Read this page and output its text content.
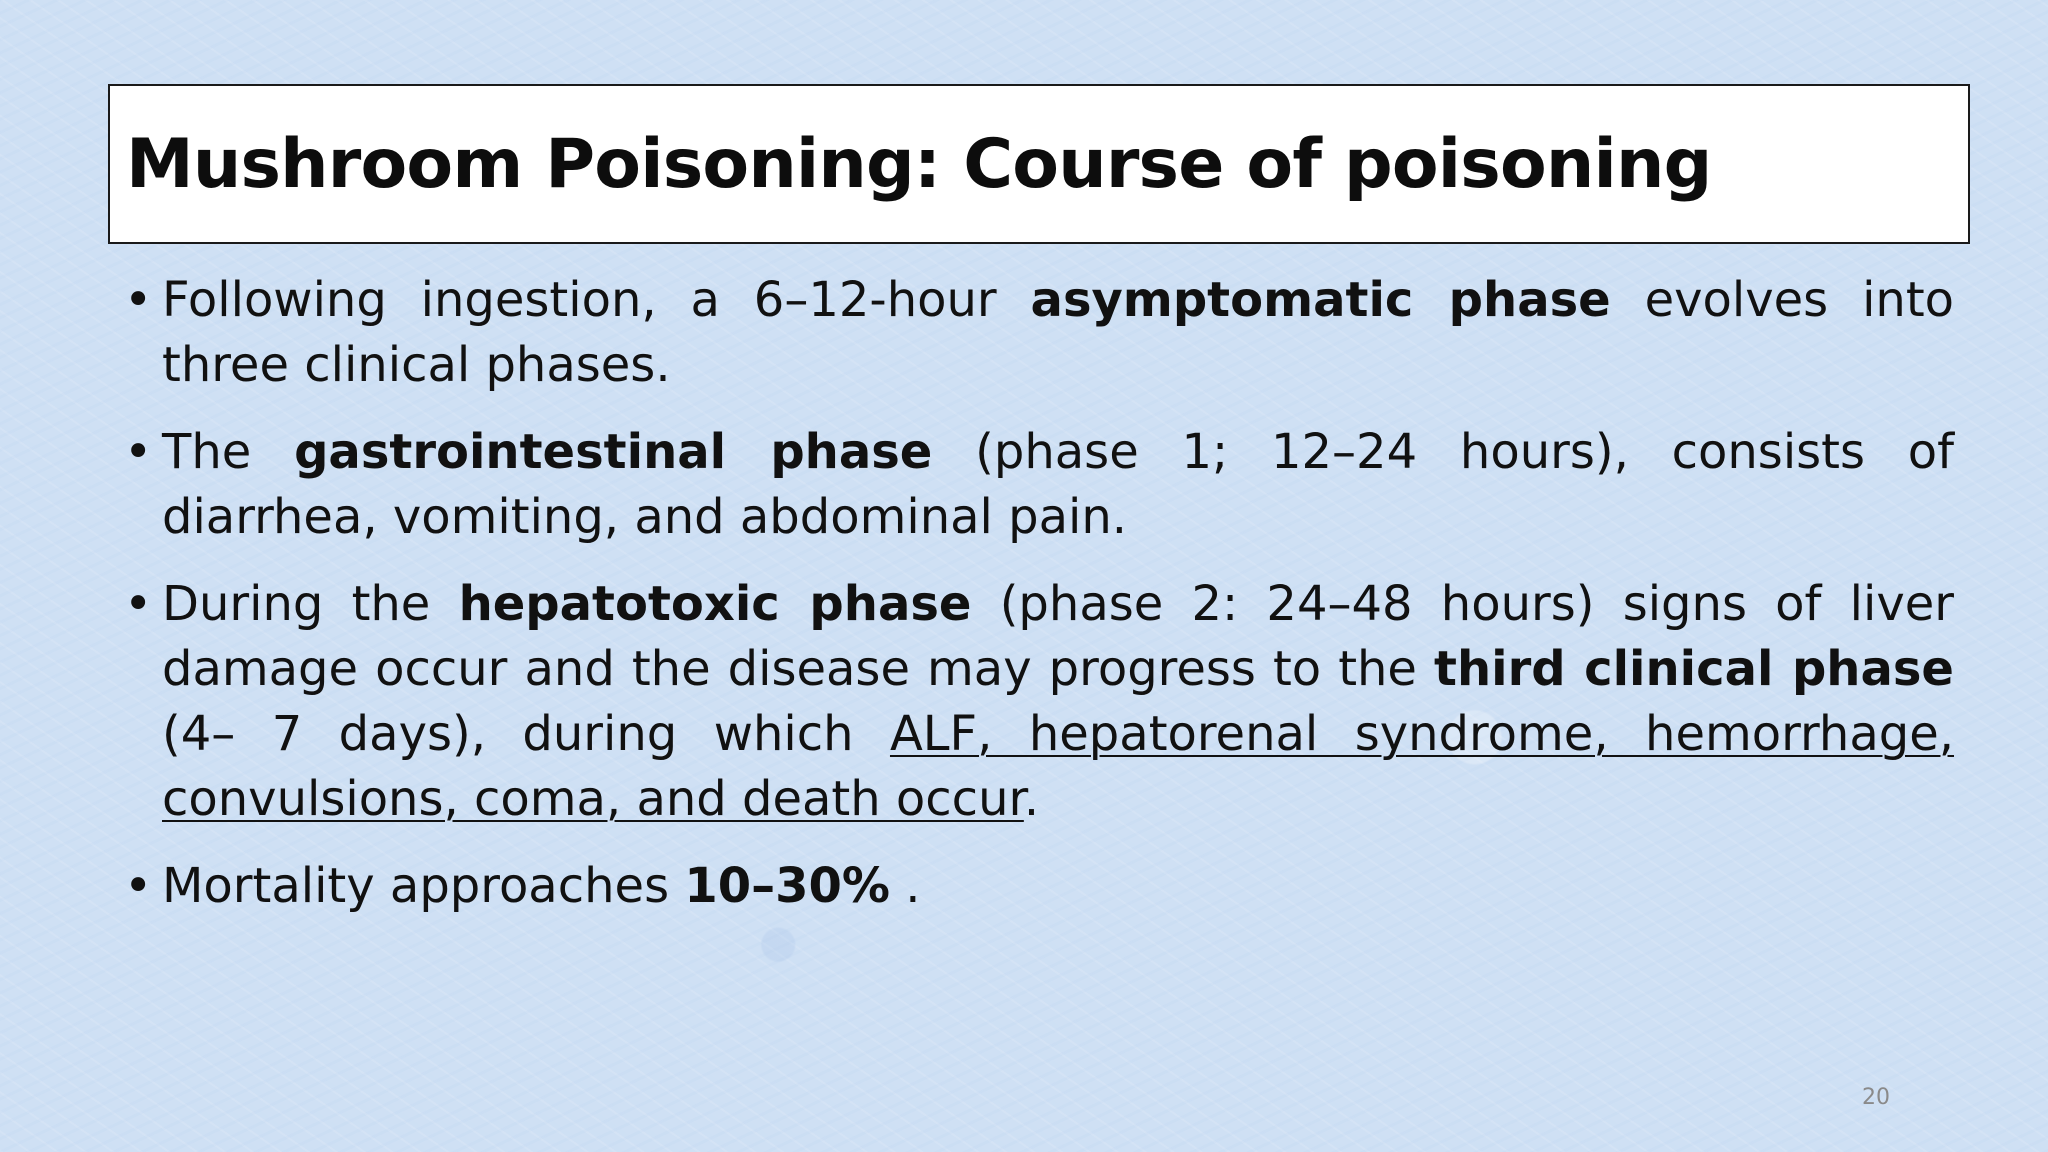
Mushroom Poisoning: Course of poisoning

• Following ingestion, a 6–12-hour asymptomatic phase evolves into three clinical phases.

• The gastrointestinal phase (phase 1; 12–24 hours), consists of diarrhea, vomiting, and abdominal pain.

• During the hepatotoxic phase (phase 2: 24–48 hours) signs of liver damage occur and the disease may progress to the third clinical phase (4– 7 days), during which ALF, hepatorenal syndrome, hemorrhage, convulsions, coma, and death occur.

• Mortality approaches 10–30% .

20
